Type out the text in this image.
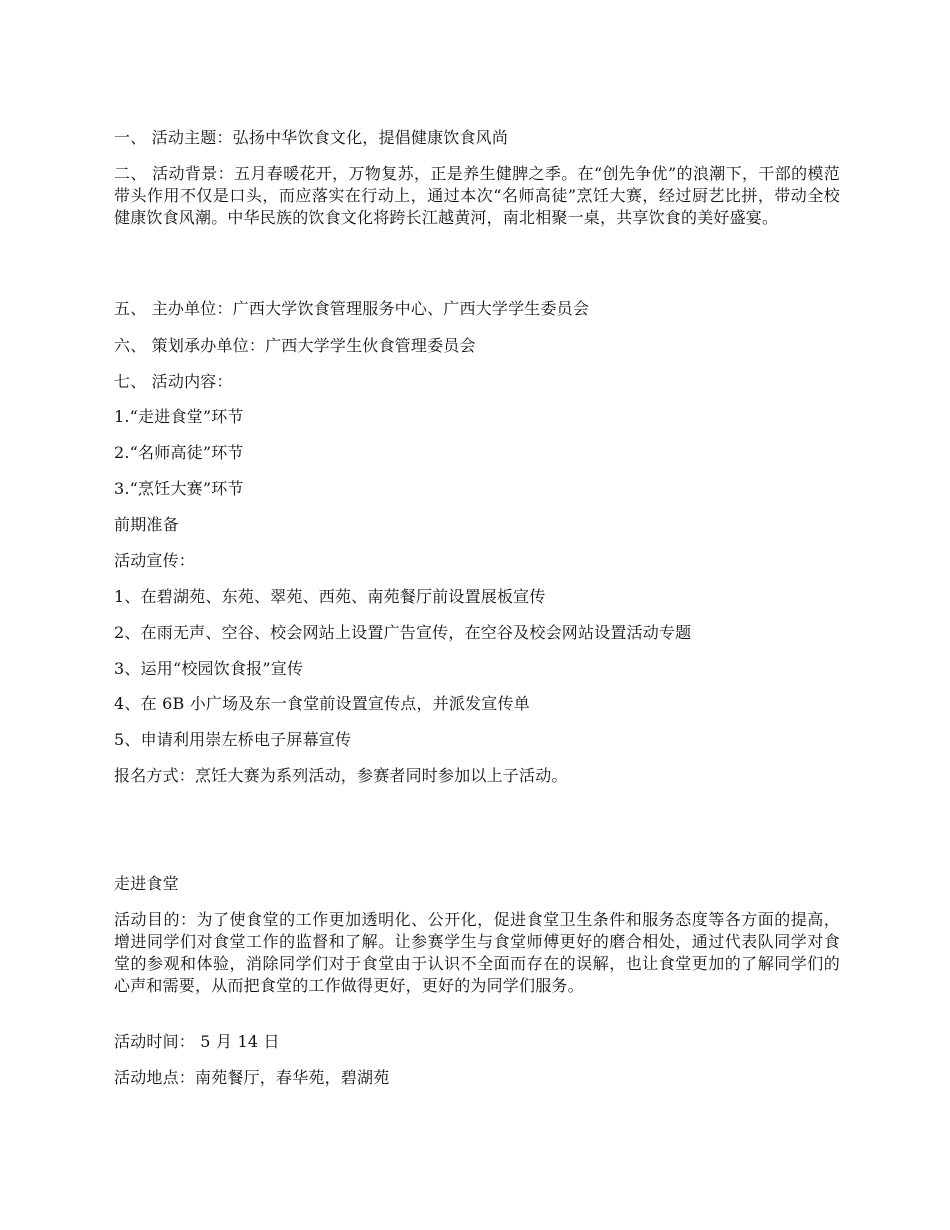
一、 活动主题：弘扬中华饮食文化，提倡健康饮食风尚

二、 活动背景：五月春暖花开，万物复苏，正是养生健脾之季。在“创先争优”的浪潮下，干部的模范带头作用不仅是口头，而应落实在行动上，通过本次“名师高徒”烹饪大赛，经过厨艺比拼，带动全校健康饮食风潮。中华民族的饮食文化将跨长江越黄河，南北相聚一桌，共享饮食的美好盛宴。

五、 主办单位：广西大学饮食管理服务中心、广西大学学生委员会

六、 策划承办单位：广西大学学生伙食管理委员会

七、 活动内容：

1.“走进食堂”环节

2.“名师高徒”环节

3.“烹饪大赛”环节

前期准备

活动宣传：

1、在碧湖苑、东苑、翠苑、西苑、南苑餐厅前设置展板宣传

2、在雨无声、空谷、校会网站上设置广告宣传，在空谷及校会网站设置活动专题

3、运用“校园饮食报”宣传

4、在 6B 小广场及东一食堂前设置宣传点，并派发宣传单

5、申请利用崇左桥电子屏幕宣传

报名方式：烹饪大赛为系列活动，参赛者同时参加以上子活动。

走进食堂

活动目的：为了使食堂的工作更加透明化、公开化，促进食堂卫生条件和服务态度等各方面的提高，增进同学们对食堂工作的监督和了解。让参赛学生与食堂师傅更好的磨合相处，通过代表队同学对食堂的参观和体验，消除同学们对于食堂由于认识不全面而存在的误解，也让食堂更加的了解同学们的心声和需要，从而把食堂的工作做得更好，更好的为同学们服务。

活动时间： 5 月 14 日

活动地点：南苑餐厅，春华苑，碧湖苑
